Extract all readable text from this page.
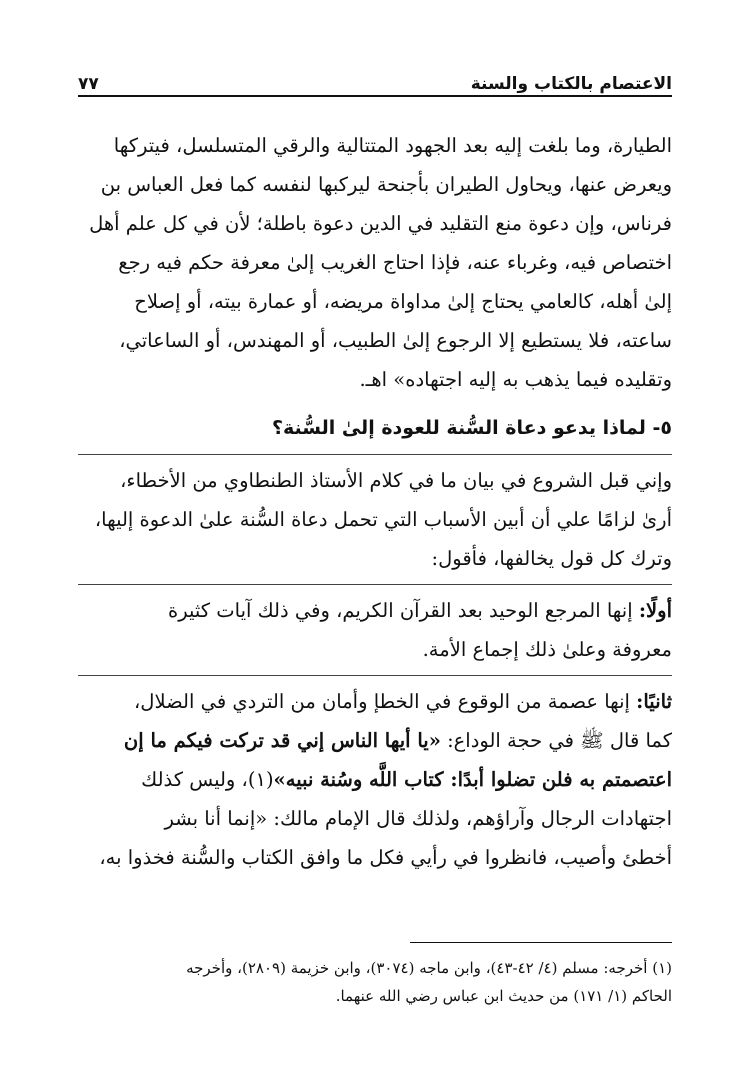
الاعتصام بالكتاب والسنة
٧٧
الطيارة، وما بلغت إليه بعد الجهود المتتالية والرقي المتسلسل، فيتركها
ويعرض عنها، ويحاول الطيران بأجنحة ليركبها لنفسه كما فعل العباس بن
فرناس، وإن دعوة منع التقليد في الدين دعوة باطلة؛ لأن في كل علم أهل
اختصاص فيه، وغرباء عنه، فإذا احتاج الغريب إلىٰ معرفة حكم فيه رجع
إلىٰ أهله، كالعامي يحتاج إلىٰ مداواة مريضه، أو عمارة بيته، أو إصلاح
ساعته، فلا يستطيع إلا الرجوع إلىٰ الطبيب، أو المهندس، أو الساعاتي،
وتقليده فيما يذهب به إليه اجتهاده» اهـ.
٥- لماذا يدعو دعاة السُّنة للعودة إلىٰ السُّنة؟
وإني قبل الشروع في بيان ما في كلام الأستاذ الطنطاوي من الأخطاء،
أرىٰ لزامًا علي أن أبين الأسباب التي تحمل دعاة السُّنة علىٰ الدعوة إليها،
وترك كل قول يخالفها، فأقول:
أولًا: إنها المرجع الوحيد بعد القرآن الكريم، وفي ذلك آيات كثيرة
معروفة وعلىٰ ذلك إجماع الأمة.
ثانيًا: إنها عصمة من الوقوع في الخطإ وأمان من التردي في الضلال،
كما قال ﷺ في حجة الوداع: «يا أيها الناس إني قد تركت فيكم ما إن
اعتصمتم به فلن تضلوا أبدًا: كتاب اللَّه وسُنة نبيه»(١)، وليس كذلك
اجتهادات الرجال وآراؤهم، ولذلك قال الإمام مالك: «إنما أنا بشر
أخطئ وأصيب، فانظروا في رأيي فكل ما وافق الكتاب والسُّنة فخذوا به،
(١) أخرجه: مسلم (٤/ ٤٢-٤٣)، وابن ماجه (٣٠٧٤)، وابن خزيمة (٢٨٠٩)، وأخرجه
الحاكم (١/ ١٧١) من حديث ابن عباس رضي الله عنهما.
